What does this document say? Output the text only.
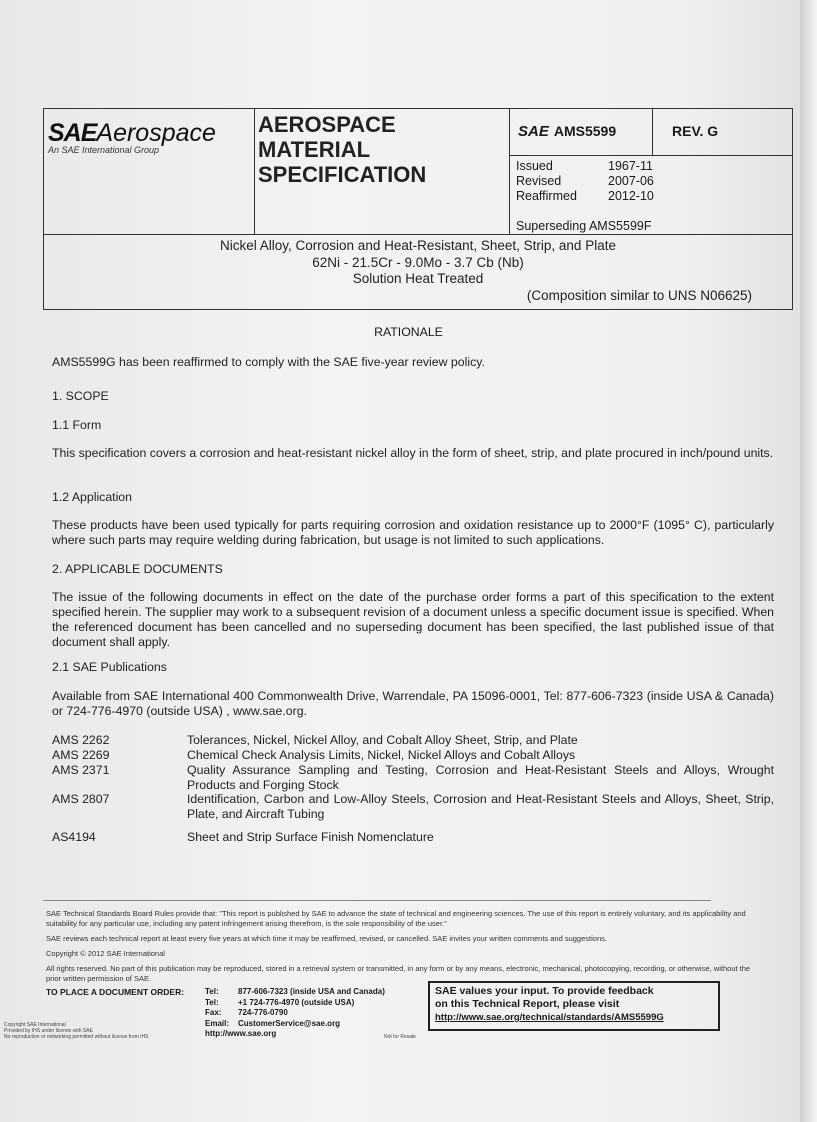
SAEAerospace
An SAE International Group
AEROSPACE
MATERIAL
SPECIFICATION
SAE AMS5599	REV. G
Issued	1967-11
Revised	2007-06
Reaffirmed 2012-10
Superseding AMS5599F
Nickel Alloy, Corrosion and Heat-Resistant, Sheet, Strip, and Plate
62Ni - 21.5Cr - 9.0Mo - 3.7 Cb (Nb)
Solution Heat Treated
(Composition similar to UNS N06625)
RATIONALE
AMS5599G has been reaffirmed to comply with the SAE five-year review policy.
1. SCOPE
1.1 Form
This specification covers a corrosion and heat-resistant nickel alloy in the form of sheet, strip, and plate procured in inch/pound units.
1.2 Application
These products have been used typically for parts requiring corrosion and oxidation resistance up to 2000°F (1095° C), particularly where such parts may require welding during fabrication, but usage is not limited to such applications.
2. APPLICABLE DOCUMENTS
The issue of the following documents in effect on the date of the purchase order forms a part of this specification to the extent specified herein. The supplier may work to a subsequent revision of a document unless a specific document issue is specified. When the referenced document has been cancelled and no superseding document has been specified, the last published issue of that document shall apply.
2.1 SAE Publications
Available from SAE International 400 Commonwealth Drive, Warrendale, PA 15096-0001, Tel: 877-606-7323 (inside USA & Canada) or 724-776-4970 (outside USA) , www.sae.org.
AMS 2262	Tolerances, Nickel, Nickel Alloy, and Cobalt Alloy Sheet, Strip, and Plate
AMS 2269	Chemical Check Analysis Limits, Nickel, Nickel Alloys and Cobalt Alloys
AMS 2371	Quality Assurance Sampling and Testing, Corrosion and Heat-Resistant Steels and Alloys, Wrought Products and Forging Stock
AMS 2807	Identification, Carbon and Low-Alloy Steels, Corrosion and Heat-Resistant Steels and Alloys, Sheet, Strip, Plate, and Aircraft Tubing
AS4194	Sheet and Strip Surface Finish Nomenclature
SAE Technical Standards Board Rules provide that: "This report is published by SAE to advance the state of technical and engineering sciences. The use of this report is entirely voluntary, and its applicability and suitability for any particular use, including any patent infringement arising therefrom, is the sole responsibility of the user."
SAE reviews each technical report at least every five years at which time it may be reaffirmed, revised, or cancelled. SAE invites your written comments and suggestions.
Copyright © 2012 SAE International
All rights reserved. No part of this publication may be reproduced, stored in a retrieval system or transmitted, in any form or by any means, electronic, mechanical, photocopying, recording, or otherwise, without the prior written permission of SAE.
TO PLACE A DOCUMENT ORDER:	Tel: 877-606-7323 (inside USA and Canada)
Tel: +1 724-776-4970 (outside USA)
Fax: 724-776-0790
Email: CustomerService@sae.org
http://www.sae.org
Copyright SAE International
Provided by IHS under license with SAE
No reproduction or networking permitted without license from IHS	Not for Resale
SAE values your input. To provide feedback
on this Technical Report, please visit
http://www.sae.org/technical/standards/AMS5599G
